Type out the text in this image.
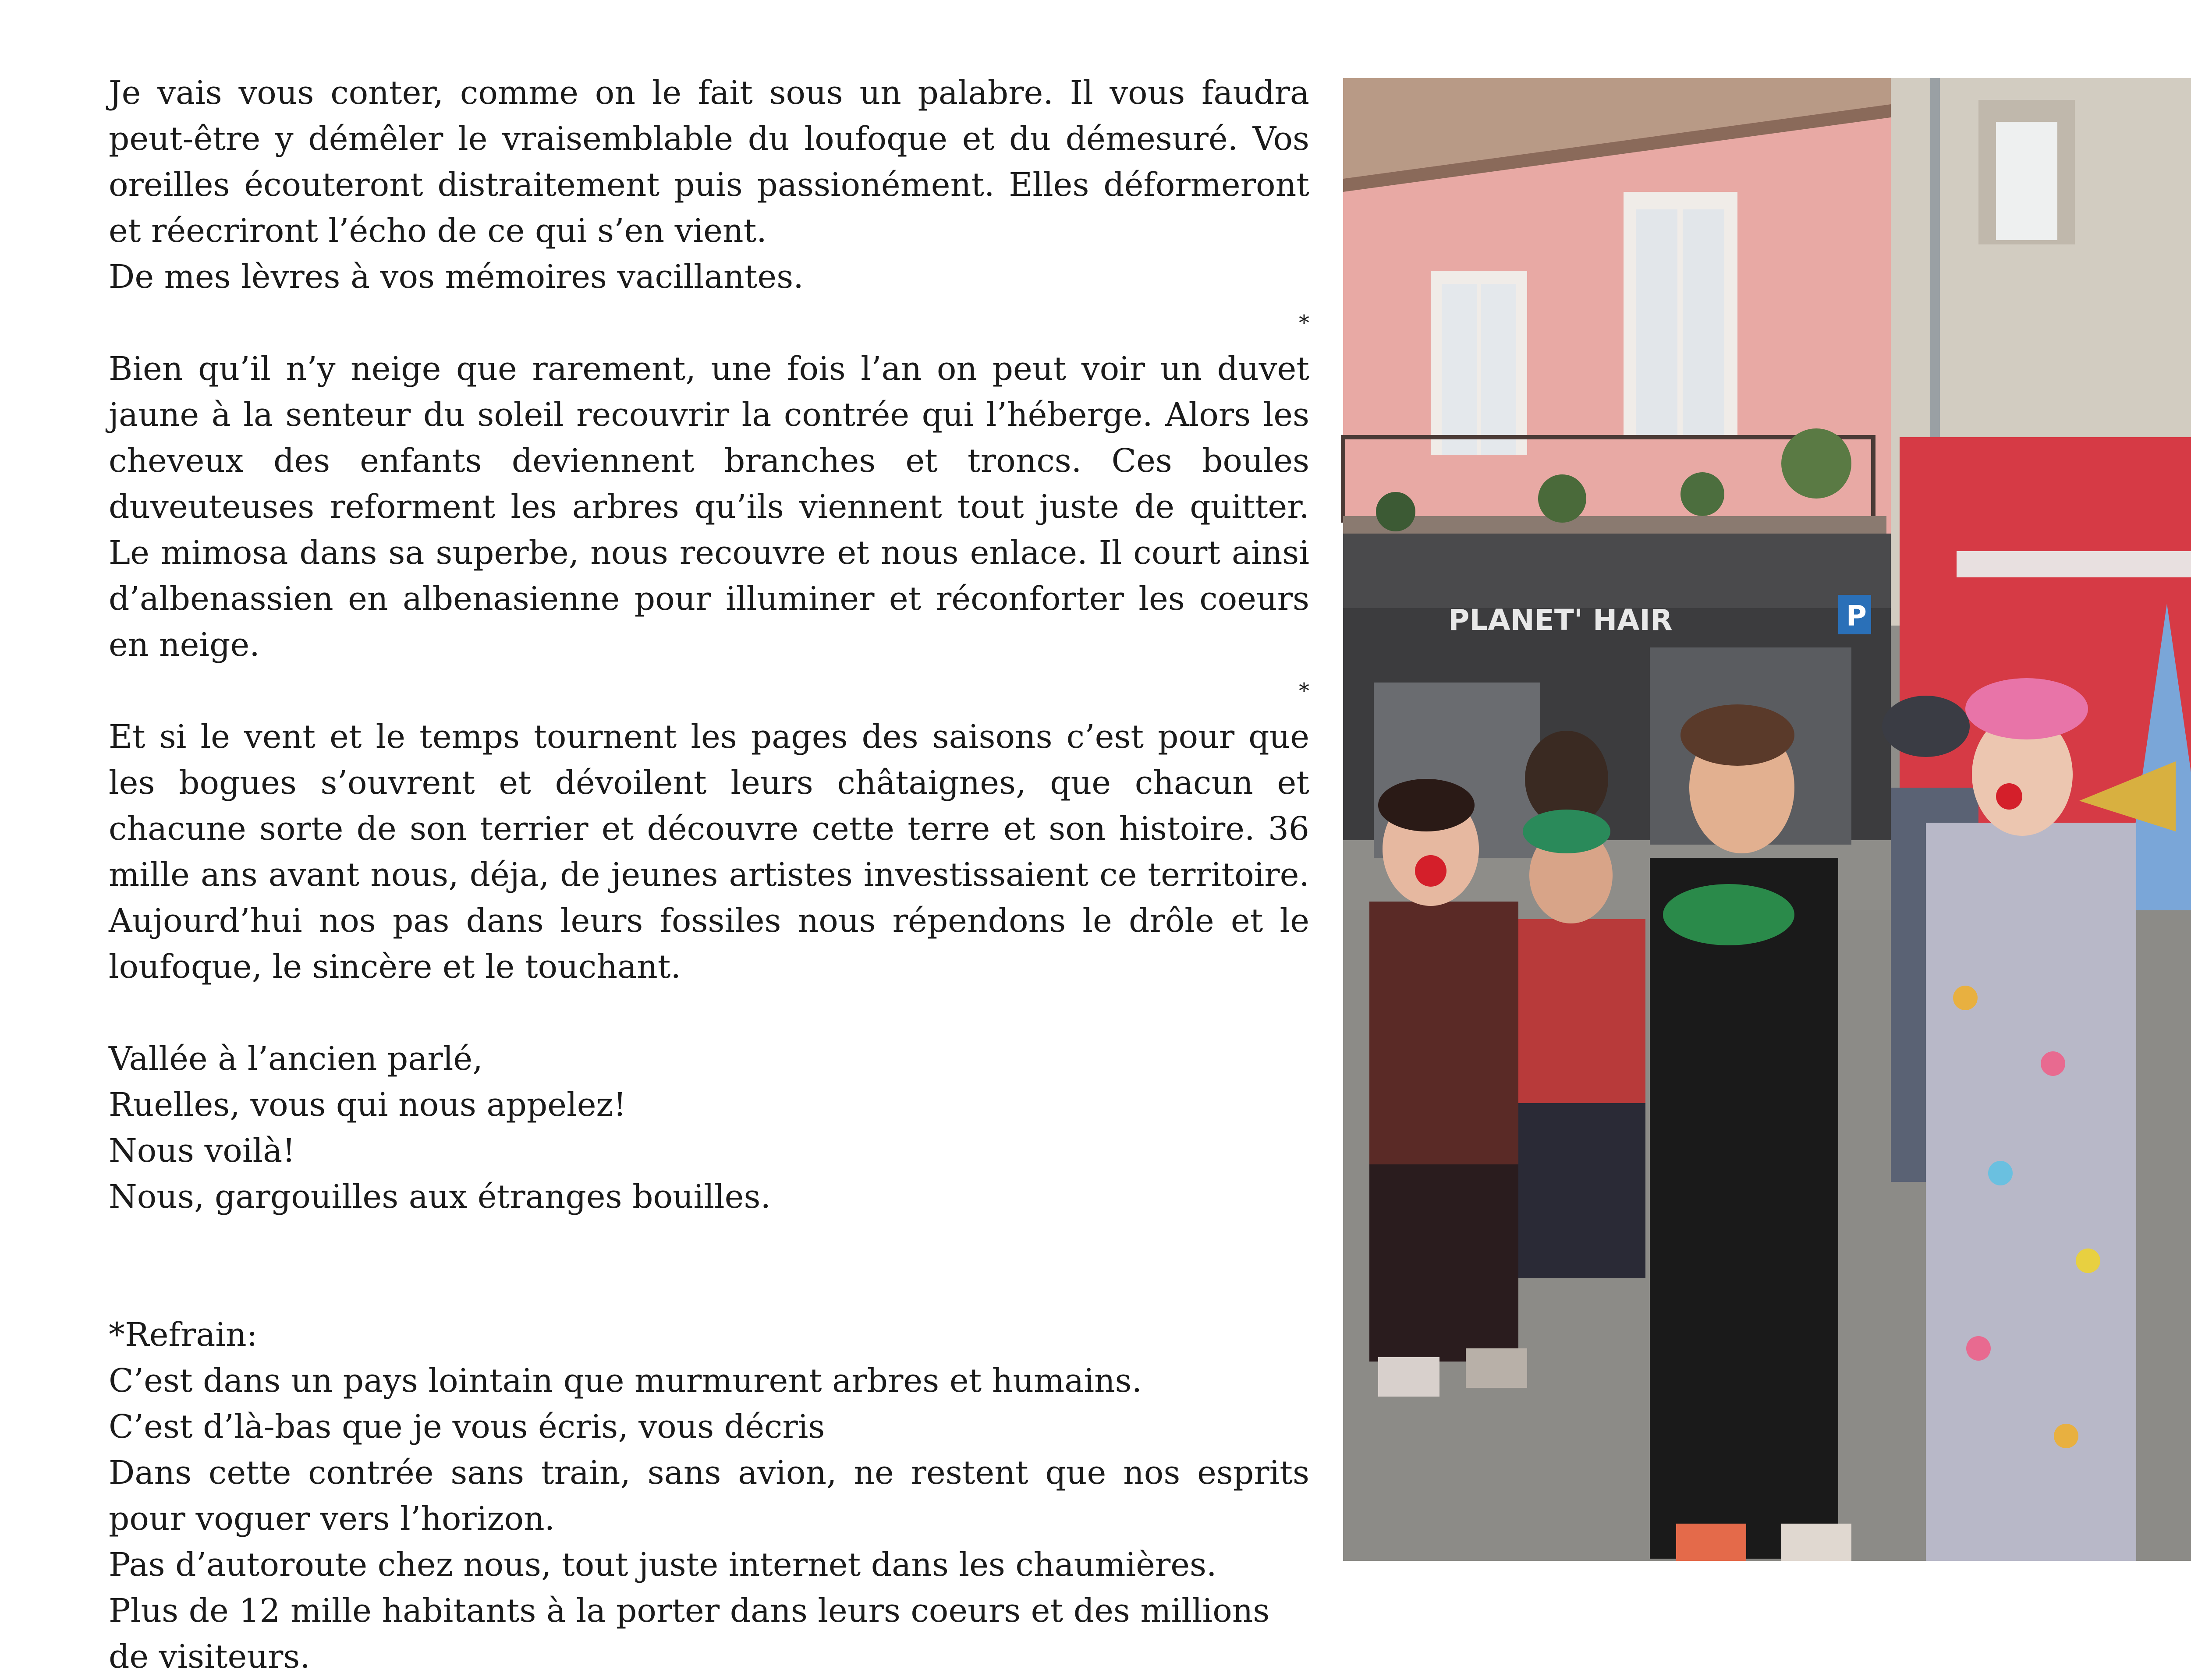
Je vais vous conter, comme on le fait sous un palabre. Il vous faudra peut-être y démêler le vraisemblable du loufoque et du démesuré. Vos oreilles écouteront distraitement puis passionément. Elles déformeront et réecriront l’écho de ce qui s’en vient.

De mes lèvres à vos mémoires vacillantes.

*

Bien qu’il n’y neige que rarement, une fois l’an on peut voir un duvet jaune à la senteur du soleil recouvrir la contrée qui l’héberge. Alors les cheveux des enfants deviennent branches et troncs. Ces boules duveuteuses reforment les arbres qu’ils viennent tout juste de quitter. Le mimosa dans sa superbe, nous recouvre et nous enlace. Il court ainsi d’albenassien en albenasienne pour illuminer et réconforter les coeurs en neige.

*

Et si le vent et le temps tournent les pages des saisons c’est pour que les bogues s’ouvrent et dévoilent leurs châtaignes, que chacun et chacune sorte de son terrier et découvre cette terre et son histoire. 36 mille ans avant nous, déja, de jeunes artistes investissaient ce territoire. Aujourd’hui nos pas dans leurs fossiles nous répendons le drôle et le loufoque, le sincère et le touchant.

Vallée à l’ancien parlé,

Ruelles, vous qui nous appelez!

Nous voilà!

Nous, gargouilles aux étranges bouilles.

*Refrain:

C’est dans un pays lointain que murmurent arbres et humains.

C’est d’là-bas que je vous écris, vous décris

Dans cette contrée sans train, sans avion, ne restent que nos esprits pour voguer vers l’horizon.

Pas d’autoroute chez nous, tout juste internet dans les chaumières.

Plus de 12 mille habitants à la porter dans leurs coeurs et des millions de visiteurs.

PLANET' HAIR	P
